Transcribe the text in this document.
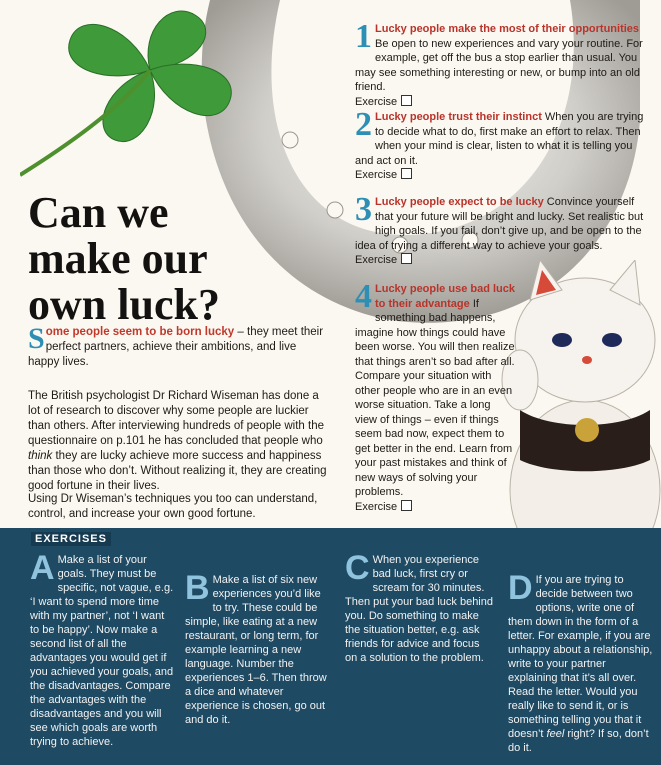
Can we make our own luck?

Some people seem to be born lucky – they meet their perfect partners, achieve their ambitions, and live happy lives.

The British psychologist Dr Richard Wiseman has done a lot of research to discover why some people are luckier than others. After interviewing hundreds of people with the questionnaire on p.101 he has concluded that people who think they are lucky achieve more success and happiness than those who don’t. Without realizing it, they are creating good fortune in their lives.

Using Dr Wiseman’s techniques you too can understand, control, and increase your own good fortune.

1 Lucky people make the most of their opportunities Be open to new experiences and vary your routine. For example, get off the bus a stop earlier than usual. You may see something interesting or new, or bump into an old friend.
Exercise
2 Lucky people trust their instinct When you are trying to decide what to do, first make an effort to relax. Then when your mind is clear, listen to what it is telling you and act on it.
Exercise
3 Lucky people expect to be lucky Convince yourself that your future will be bright and lucky. Set realistic but high goals. If you fail, don’t give up, and be open to the idea of trying a different way to achieve your goals.
Exercise
4 Lucky people use bad luck to their advantage If something bad happens, imagine how things could have been worse. You will then realize that things aren’t so bad after all. Compare your situation with other people who are in an even worse situation. Take a long view of things – even if things seem bad now, expect them to get better in the end. Learn from your past mistakes and think of new ways of solving your problems.
Exercise
EXERCISES
A Make a list of your goals. They must be specific, not vague, e.g. ‘I want to spend more time with my partner’, not ‘I want to be happy’. Now make a second list of all the advantages you would get if you achieved your goals, and the disadvantages. Compare the advantages with the disadvantages and you will see which goals are worth trying to achieve.
B Make a list of six new experiences you’d like to try. These could be simple, like eating at a new restaurant, or long term, for example learning a new language. Number the experiences 1–6. Then throw a dice and whatever experience is chosen, go out and do it.
C When you experience bad luck, first cry or scream for 30 minutes. Then put your bad luck behind you. Do something to make the situation better, e.g. ask friends for advice and focus on a solution to the problem.
D If you are trying to decide between two options, write one of them down in the form of a letter. For example, if you are unhappy about a relationship, write to your partner explaining that it’s all over. Read the letter. Would you really like to send it, or is something telling you that it doesn’t feel right? If so, don’t do it.
